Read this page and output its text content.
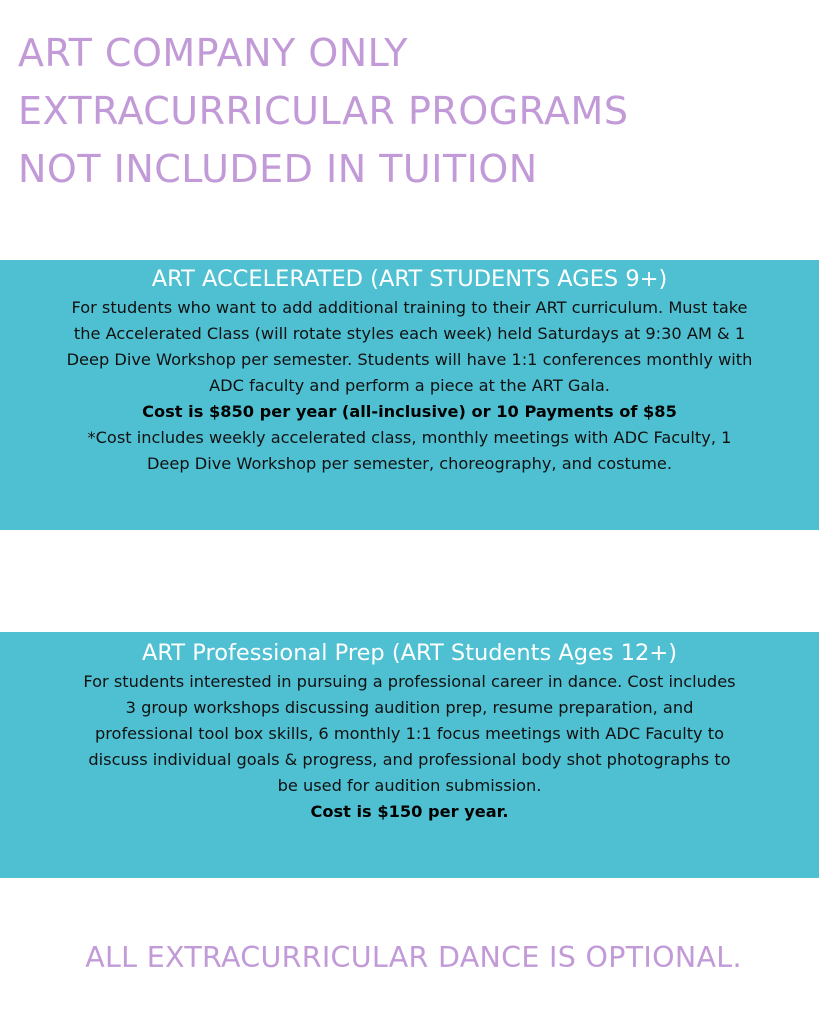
ART COMPANY ONLY
EXTRACURRICULAR PROGRAMS
NOT INCLUDED IN TUITION
ART ACCELERATED (ART STUDENTS AGES 9+)

For students who want to add additional training to their ART curriculum. Must take
the Accelerated Class (will rotate styles each week) held Saturdays at 9:30 AM & 1
Deep Dive Workshop per semester. Students will have 1:1 conferences monthly with
ADC faculty and perform a piece at the ART Gala.

Cost is $850 per year (all-inclusive) or 10 Payments of $85

*Cost includes weekly accelerated class, monthly meetings with ADC Faculty, 1
Deep Dive Workshop per semester, choreography, and costume.

ART Professional Prep (ART Students Ages 12+)

For students interested in pursuing a professional career in dance. Cost includes
3 group workshops discussing audition prep, resume preparation, and
professional tool box skills, 6 monthly 1:1 focus meetings with ADC Faculty to
discuss individual goals & progress, and professional body shot photographs to
be used for audition submission.

Cost is $150 per year.

ALL EXTRACURRICULAR DANCE IS OPTIONAL.
